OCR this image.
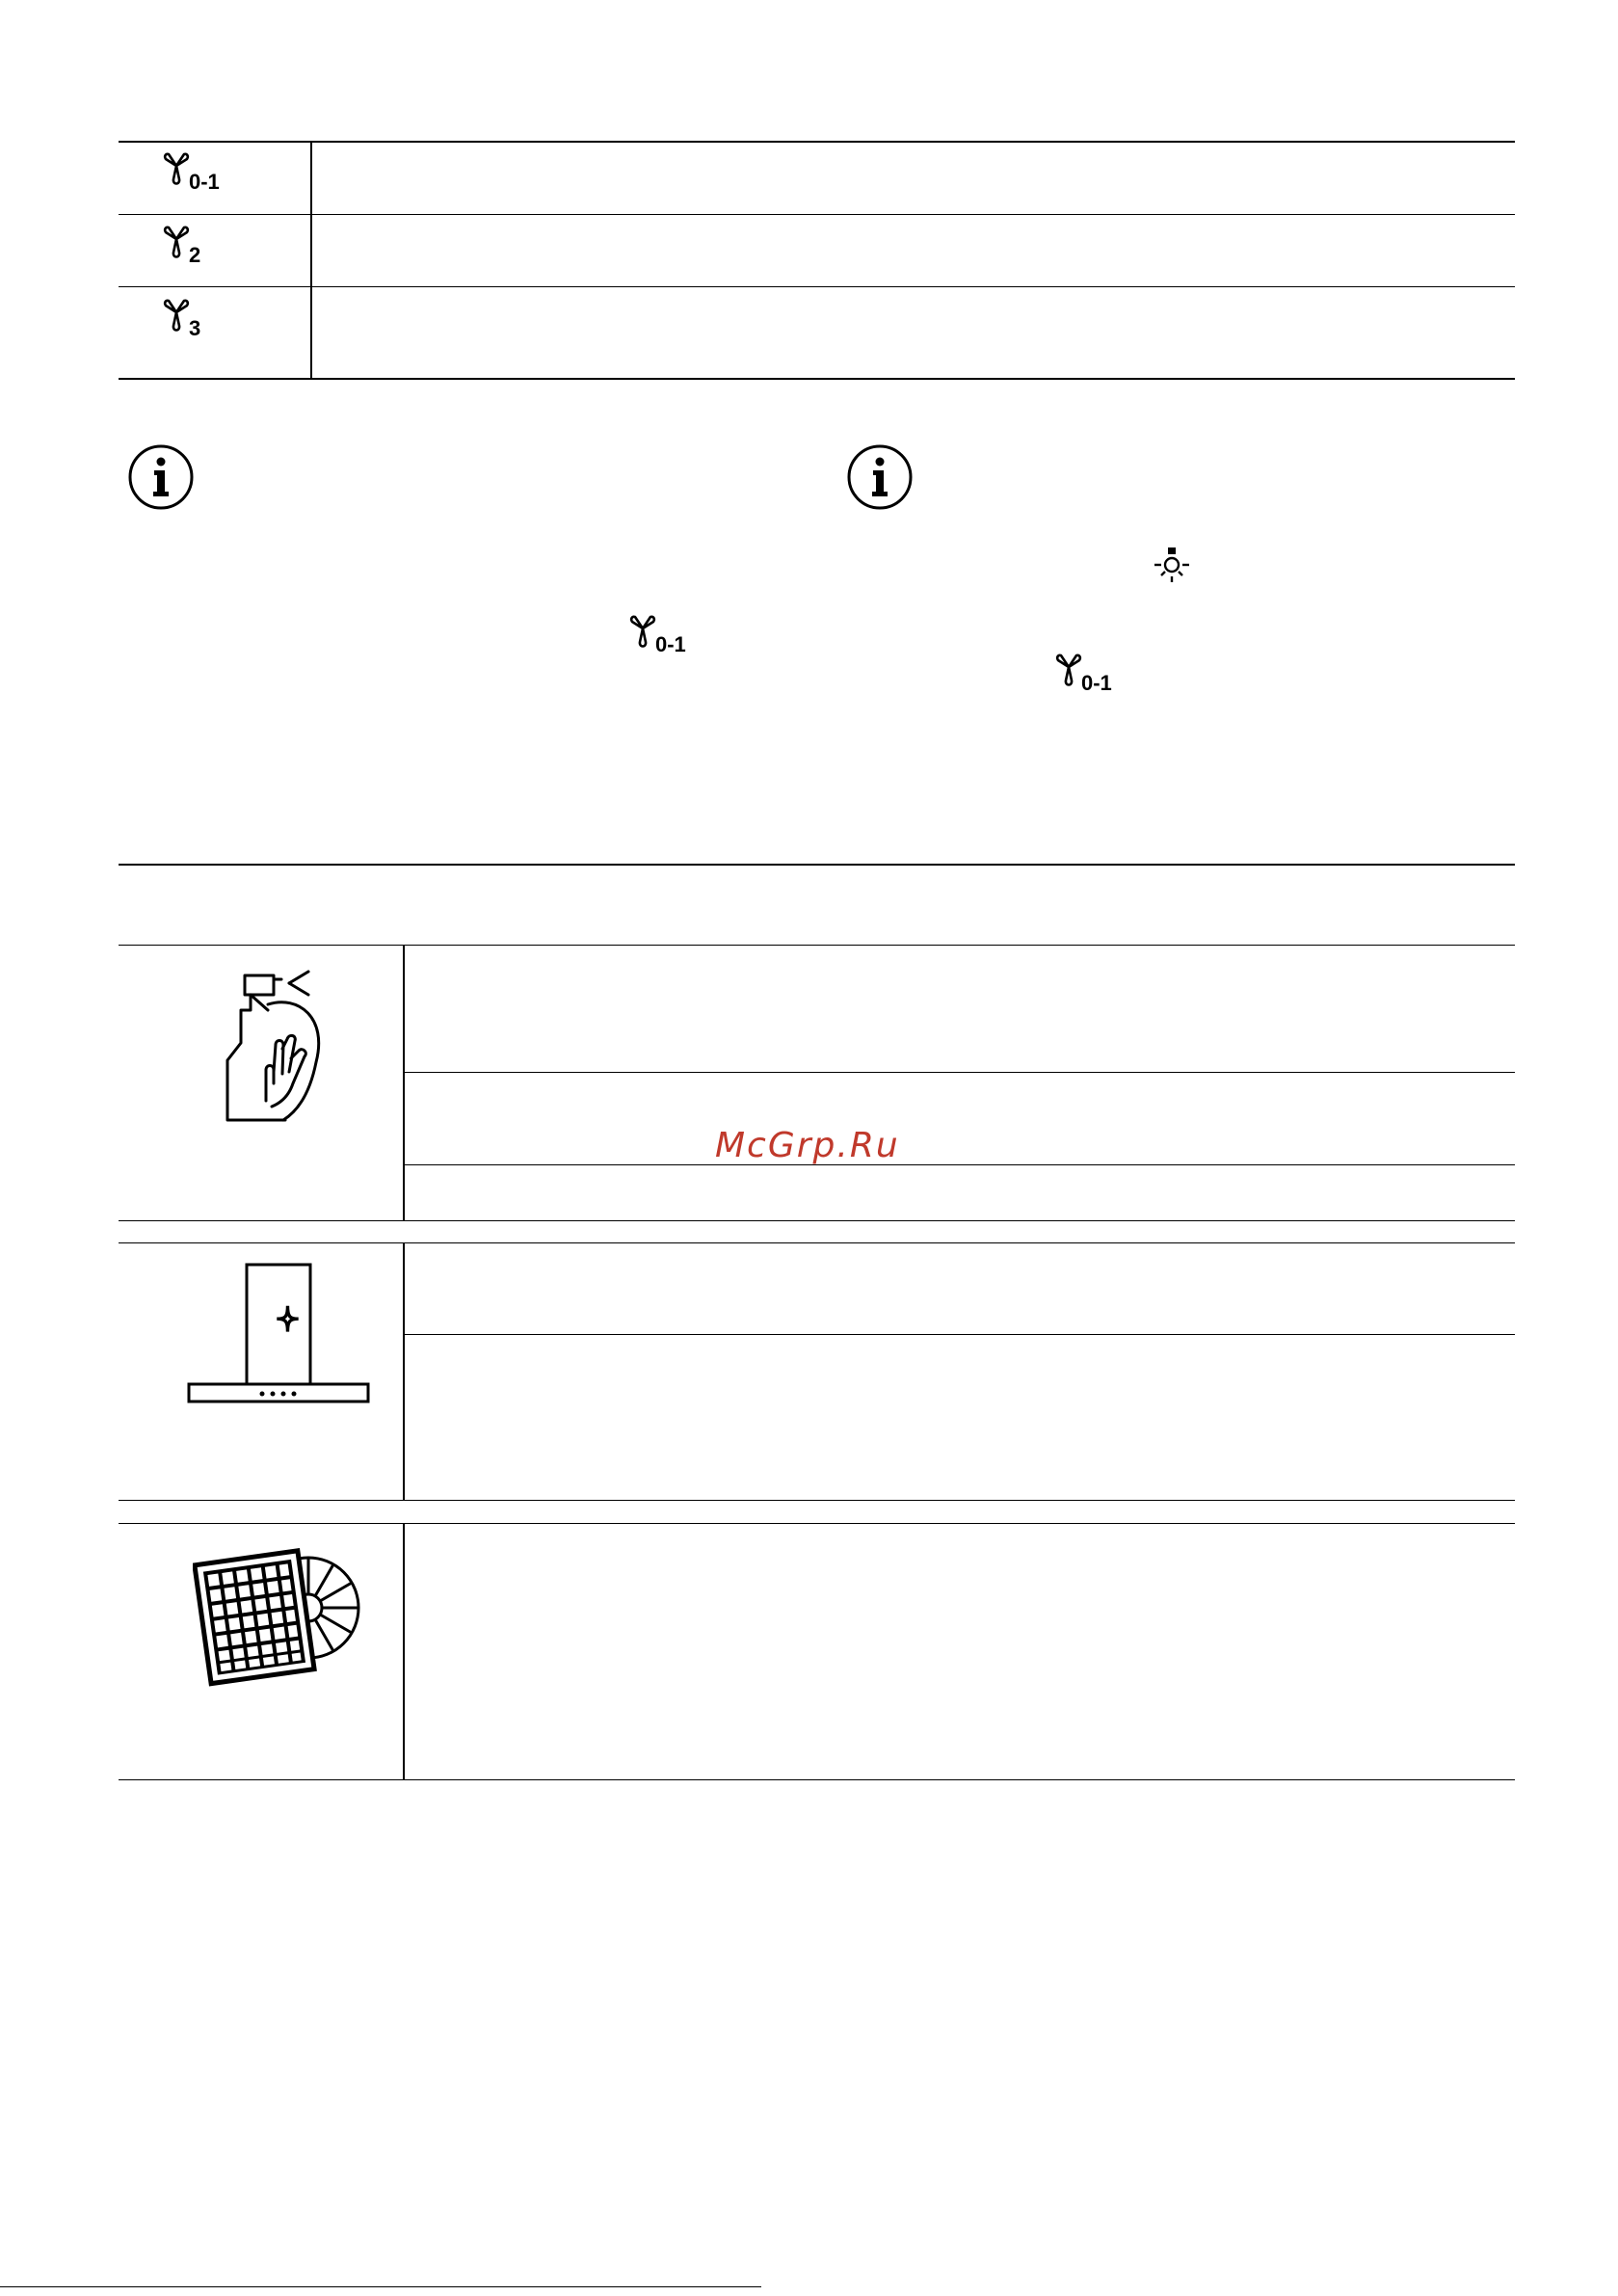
0-1
2
3
0-1
0-1
McGrp.Ru
